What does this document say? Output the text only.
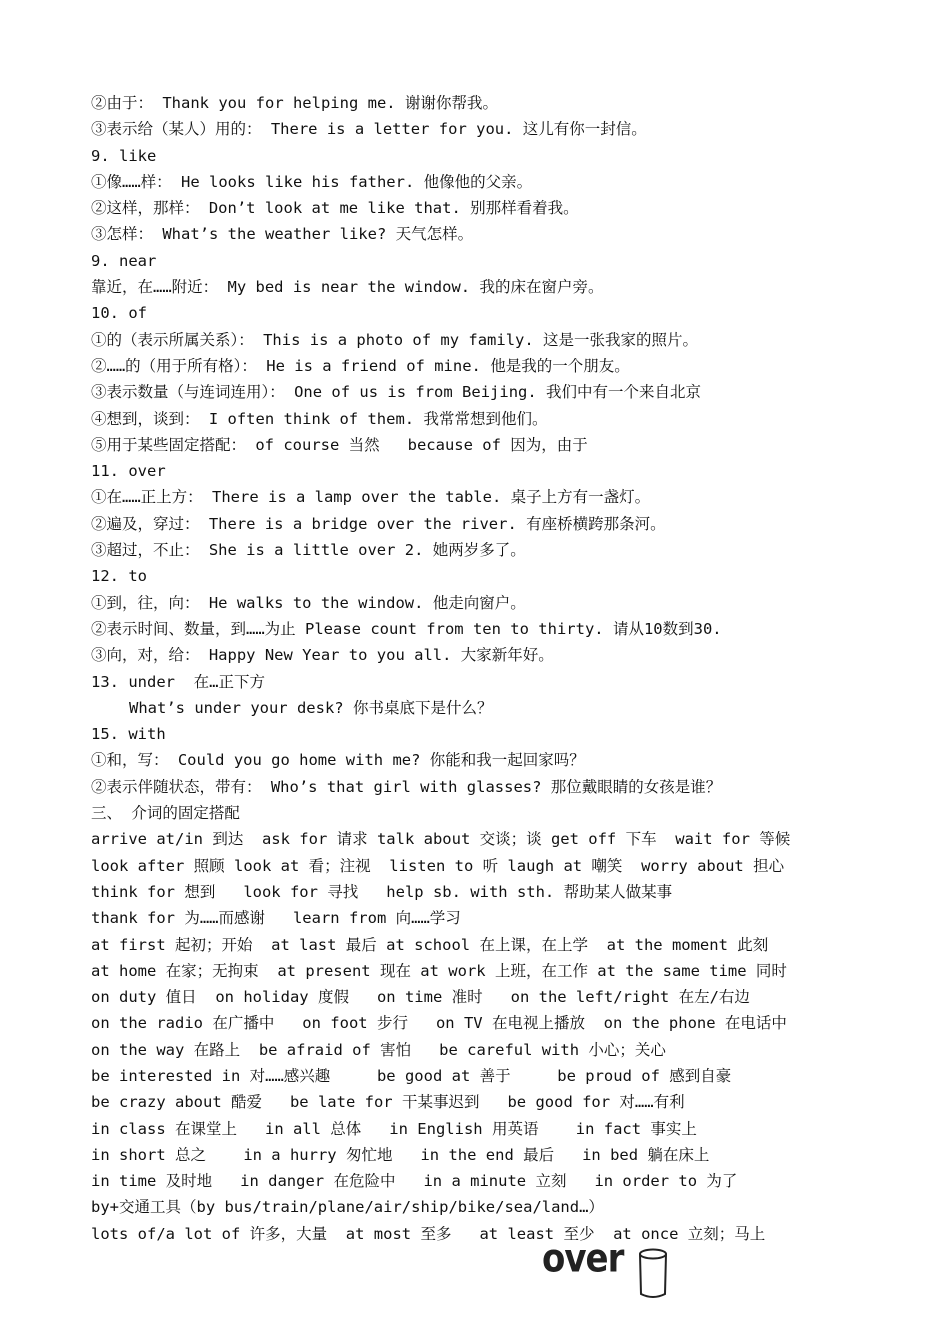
②由于： Thank you for helping me. 谢谢你帮我。
③表示给（某人）用的： There is a letter for you. 这儿有你一封信。
9. like
①像……样： He looks like his father. 他像他的父亲。
②这样，那样： Don’t look at me like that. 别那样看着我。
③怎样： What’s the weather like? 天气怎样。
9. near
靠近，在……附近： My bed is near the window. 我的床在窗户旁。
10. of
①的（表示所属关系）： This is a photo of my family. 这是一张我家的照片。
②……的（用于所有格）： He is a friend of mine. 他是我的一个朋友。
③表示数量（与连词连用）： One of us is from Beijing. 我们中有一个来自北京
④想到，谈到： I often think of them. 我常常想到他们。
⑤用于某些固定搭配： of course 当然   because of 因为，由于
11. over
①在……正上方： There is a lamp over the table. 桌子上方有一盏灯。
②遍及，穿过： There is a bridge over the river. 有座桥横跨那条河。
③超过，不止： She is a little over 2. 她两岁多了。
12. to
①到，往，向： He walks to the window. 他走向窗户。
②表示时间、数量，到……为止 Please count from ten to thirty. 请从10数到30.
③向，对，给： Happy New Year to you all. 大家新年好。
13. under  在…正下方
What’s under your desk? 你书桌底下是什么？
15. with
①和，写： Could you go home with me? 你能和我一起回家吗？
②表示伴随状态，带有： Who’s that girl with glasses? 那位戴眼睛的女孩是谁？
三、 介词的固定搭配
arrive at/in 到达  ask for 请求 talk about 交谈；谈 get off 下车  wait for 等候
look after 照顾 look at 看；注视  listen to 听 laugh at 嘲笑  worry about 担心
think for 想到   look for 寻找   help sb. with sth. 帮助某人做某事
thank for 为……而感谢   learn from 向……学习
at first 起初；开始  at last 最后 at school 在上课，在上学  at the moment 此刻
at home 在家；无拘束  at present 现在 at work 上班，在工作 at the same time 同时
on duty 值日  on holiday 度假   on time 准时   on the left/right 在左/右边
on the radio 在广播中   on foot 步行   on TV 在电视上播放  on the phone 在电话中
on the way 在路上  be afraid of 害怕   be careful with 小心；关心
be interested in 对……感兴趣     be good at 善于     be proud of 感到自豪
be crazy about 酷爱   be late for 干某事迟到   be good for 对……有利
in class 在课堂上   in all 总体   in English 用英语    in fact 事实上
in short 总之    in a hurry 匆忙地   in the end 最后   in bed 躺在床上
in time 及时地   in danger 在危险中   in a minute 立刻   in order to 为了
by+交通工具（by bus/train/plane/air/ship/bike/sea/land…）
lots of/a lot of 许多，大量  at most 至多   at least 至少  at once 立刻；马上
over
